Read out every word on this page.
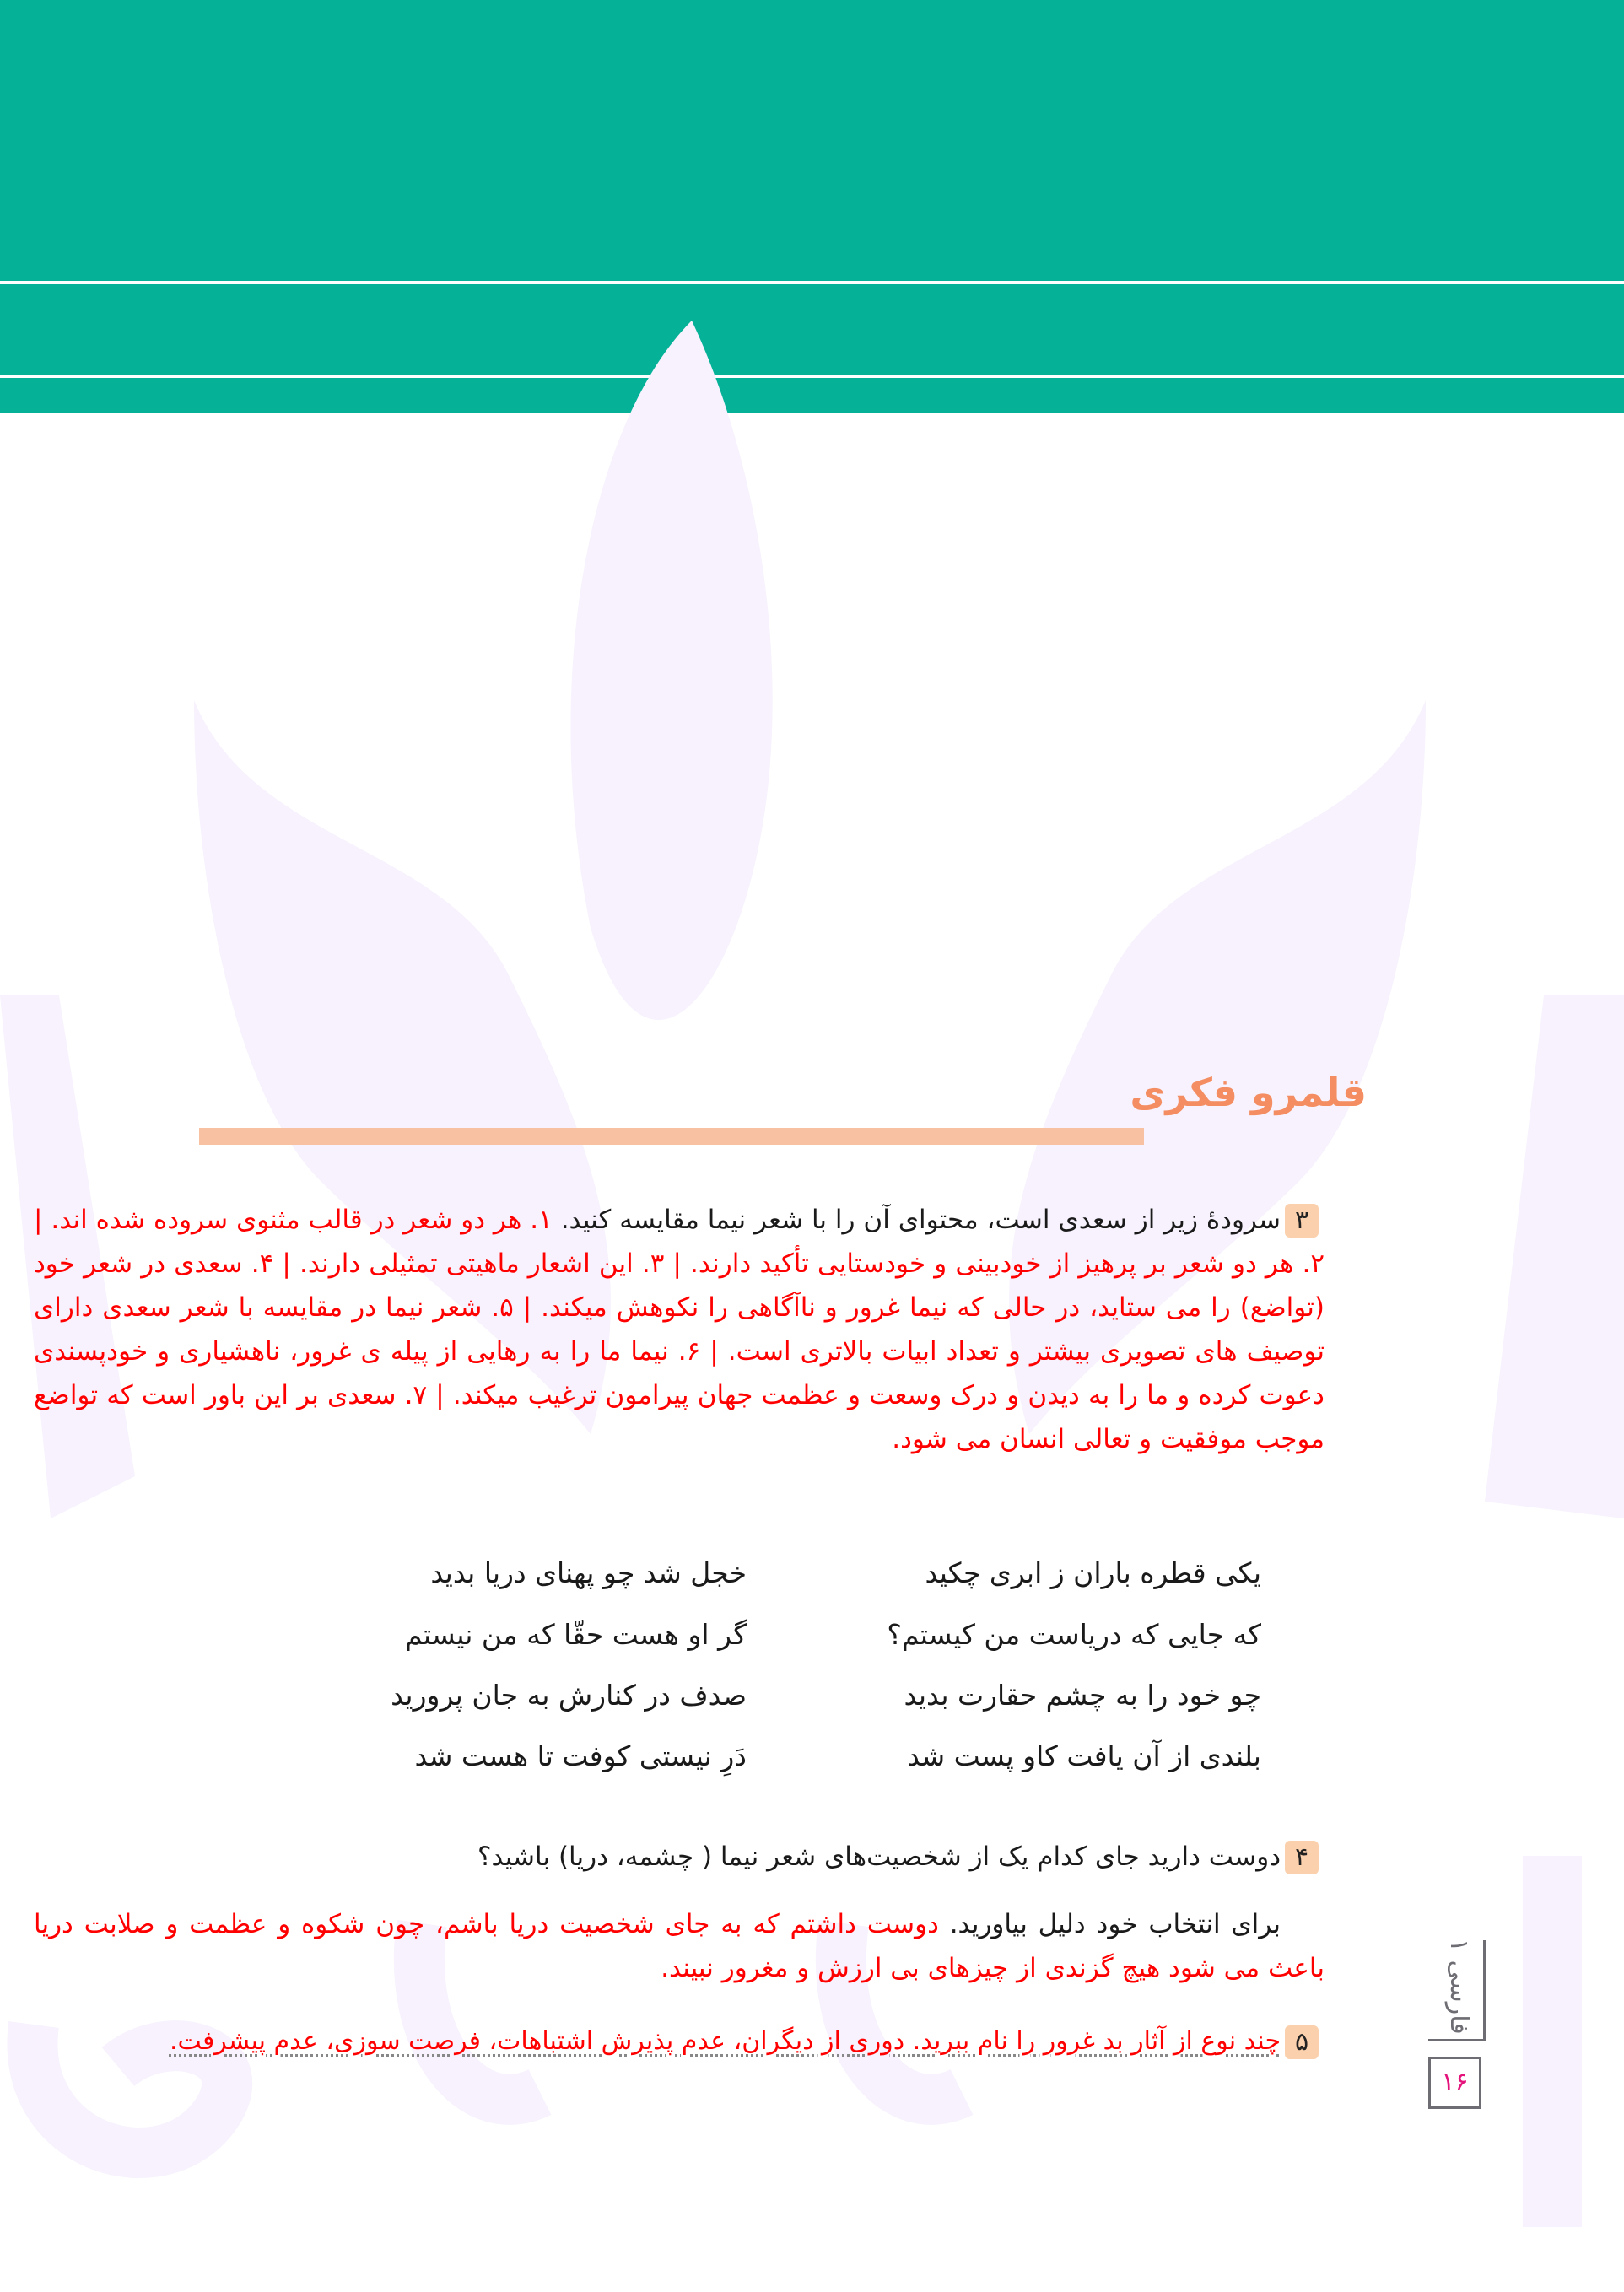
قلمرو فکری
۳
سرودهٔ زیر از سعدی است، محتوای آن را با شعر نیما مقایسه کنید. ۱. هر دو شعر در قالب مثنوی سروده شده اند. | ۲. هر دو شعر بر پرهیز از خودبینی و خودستایی تأکید دارند. | ۳. این اشعار ماهیتی تمثیلی دارند. | ۴. سعدی در شعر خود (تواضع) را می ستاید، در حالی که نیما غرور و ناآگاهی را نکوهش میکند. | ۵. شعر نیما در مقایسه با شعر سعدی دارای توصیف های تصویری بیشتر و تعداد ابیات بالاتری است. | ۶. نیما ما را به رهایی از پیله ی غرور، ناهشیاری و خودپسندی دعوت کرده و ما را به دیدن و درک وسعت و عظمت جهان پیرامون ترغیب میکند. | ۷. سعدی بر این باور است که تواضع موجب موفقیت و تعالی انسان می شود.
یکی قطره باران ز ابری چکید
خجل شد چو پهنای دریا بدید
که جایی که دریاست من کیستم؟
گر او هست حقّا که من نیستم
چو خود را به چشم حقارت بدید
صدف در کنارش به جان پرورید
بلندی از آن یافت کاو پست شد
دَرِ نیستی کوفت تا هست شد
۴
دوست دارید جای کدام یک از شخصیت‌های شعر نیما ( چشمه، دریا) باشید؟
برای انتخاب خود دلیل بیاورید. دوست داشتم که به جای شخصیت دریا باشم، چون شکوه و عظمت و صلابت دریا باعث می شود هیچ گزندی از چیزهای بی ارزش و مغرور نبیند.
۵
چند نوع از آثار بد غرور را نام ببرید. دوری از دیگران، عدم پذیرش اشتباهات، فرصت سوزی، عدم پیشرفت.
فارسی ۱
۱۶
